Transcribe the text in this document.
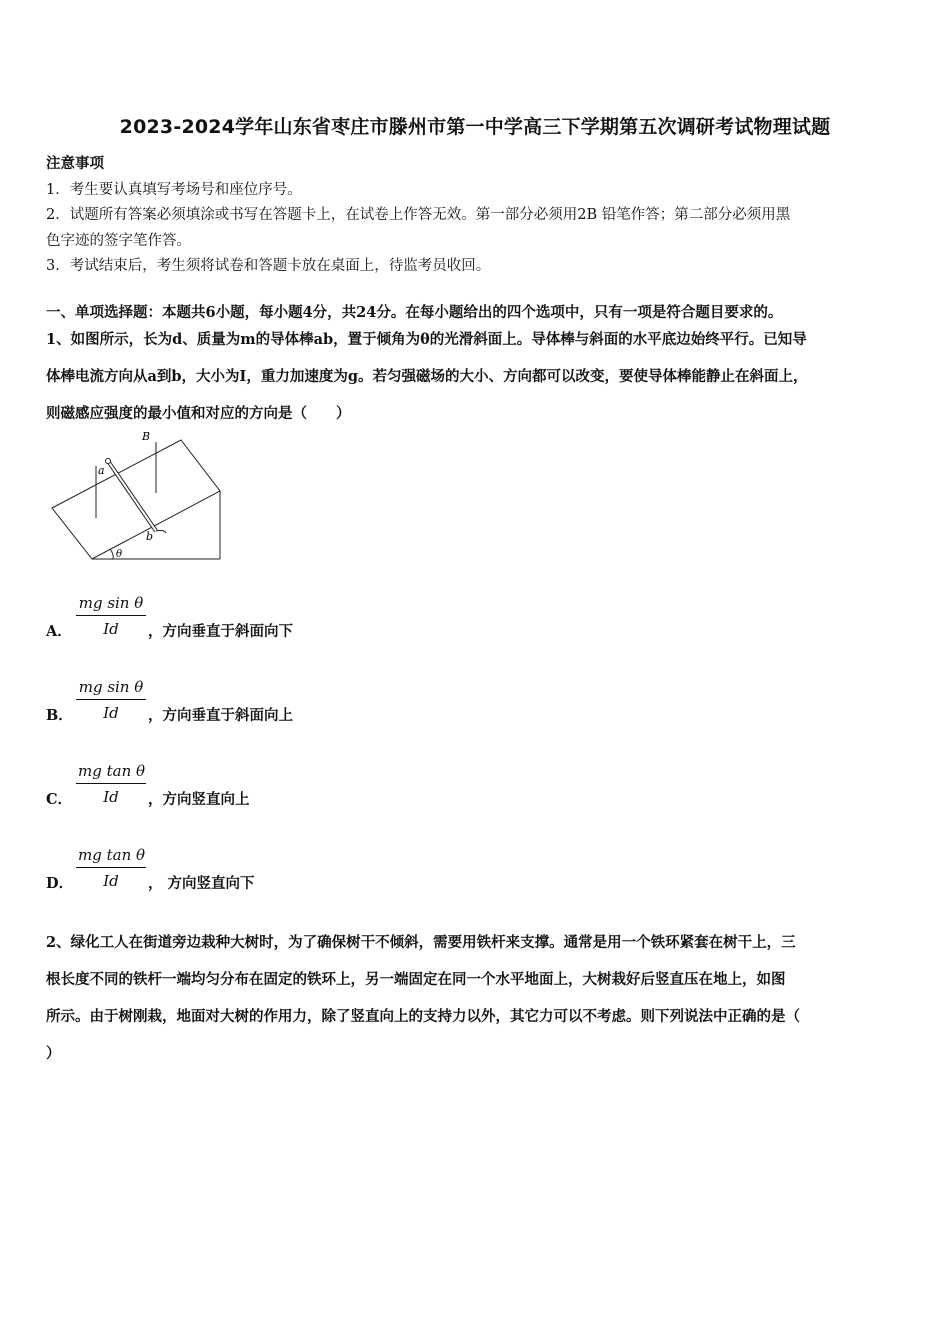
2023-2024学年山东省枣庄市滕州市第一中学高三下学期第五次调研考试物理试题
注意事项
1．考生要认真填写考场号和座位序号。
2．试题所有答案必须填涂或书写在答题卡上，在试卷上作答无效。第一部分必须用2B 铅笔作答；第二部分必须用黑
色字迹的签字笔作答。
3．考试结束后，考生须将试卷和答题卡放在桌面上，待监考员收回。
一、单项选择题：本题共6小题，每小题4分，共24分。在每小题给出的四个选项中，只有一项是符合题目要求的。
1、如图所示，长为d、质量为m的导体棒ab，置于倾角为θ的光滑斜面上。导体棒与斜面的水平底边始终平行。已知导
体棒电流方向从a到b，大小为I，重力加速度为g。若匀强磁场的大小、方向都可以改变，要使导体棒能静止在斜面上，
则磁感应强度的最小值和对应的方向是（　　）
B
a
b
θ
$\frac{\text{mg sin θ}}{Id}$
A．	，方向垂直于斜面向下
$\frac{\text{mg sin θ}}{Id}$
B．	，方向垂直于斜面向上
$\frac{\text{mg tan θ}}{Id}$
C．	，方向竖直向上
$\frac{\text{mg tan θ}}{Id}$
D．	， 方向竖直向下
2、绿化工人在街道旁边栽种大树时，为了确保树干不倾斜，需要用铁杆来支撑。通常是用一个铁环紧套在树干上，三
根长度不同的铁杆一端均匀分布在固定的铁环上，另一端固定在同一个水平地面上，大树栽好后竖直压在地上，如图
所示。由于树刚栽，地面对大树的作用力，除了竖直向上的支持力以外，其它力可以不考虑。则下列说法中正确的是（
）
